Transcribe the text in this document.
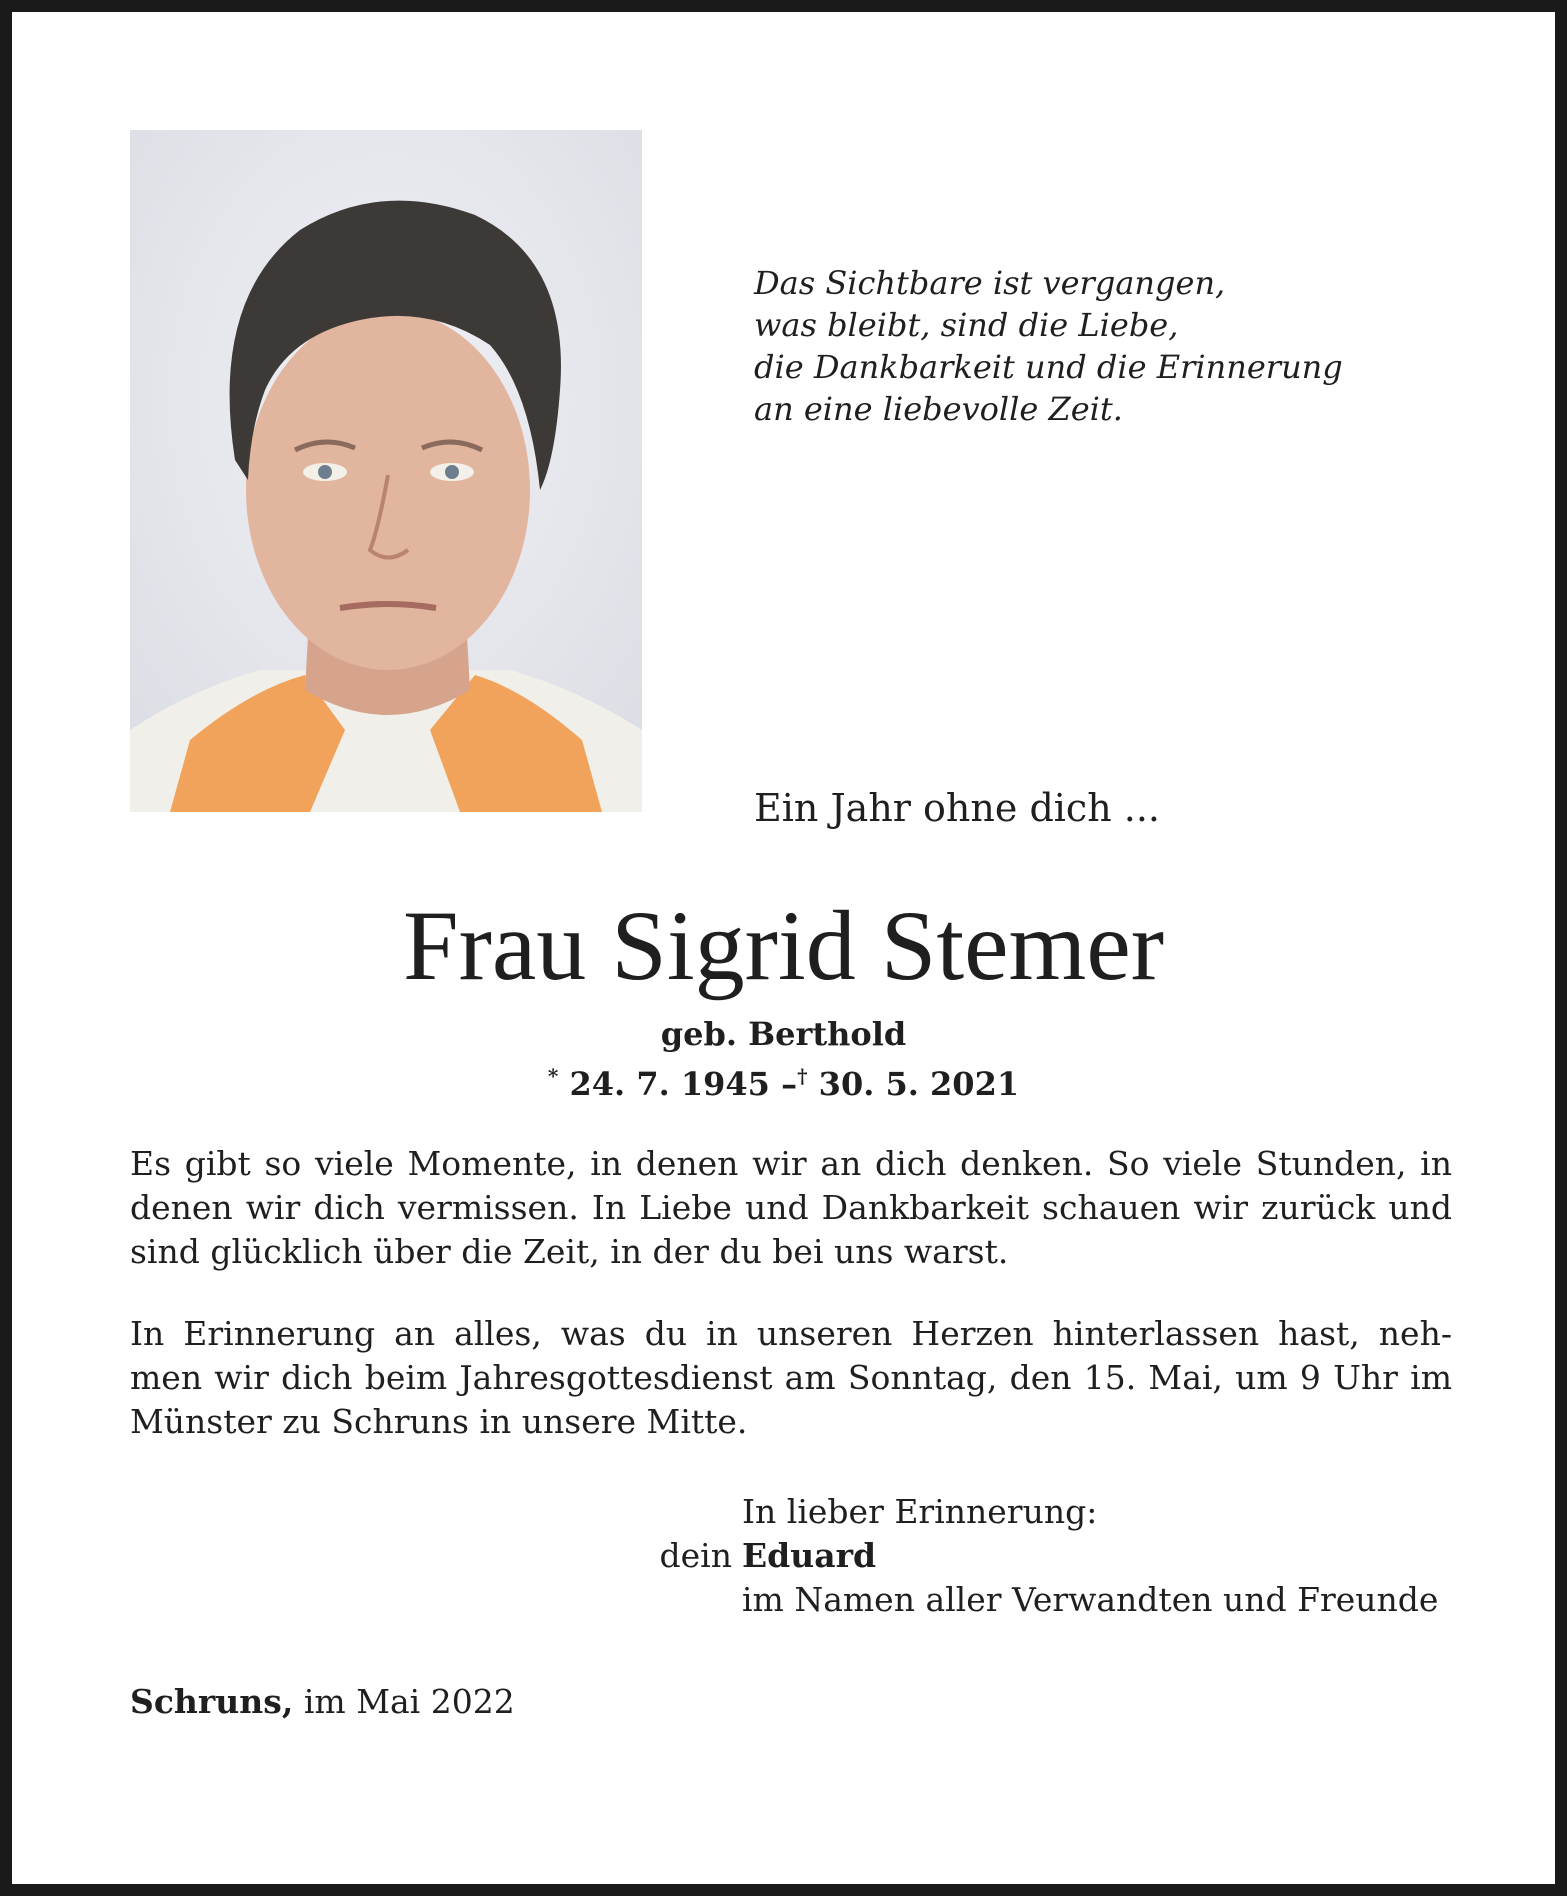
Das Sichtbare ist vergangen,
was bleibt, sind die Liebe,
die Dankbarkeit und die Erinnerung
an eine liebevolle Zeit.
Ein Jahr ohne dich ...
Frau Sigrid Stemer
geb. Berthold
* 24. 7. 1945 –† 30. 5. 2021
Es gibt so viele Momente, in denen wir an dich denken. So viele Stunden, in
denen wir dich vermissen. In Liebe und Dankbarkeit schauen wir zurück und
sind glücklich über die Zeit, in der du bei uns warst.
In Erinnerung an alles, was du in unseren Herzen hinterlassen hast, neh-
men wir dich beim Jahresgottesdienst am Sonntag, den 15. Mai, um 9 Uhr im
Münster zu Schruns in unsere Mitte.
In lieber Erinnerung:
dein Eduard
im Namen aller Verwandten und Freunde
Schruns, im Mai 2022
